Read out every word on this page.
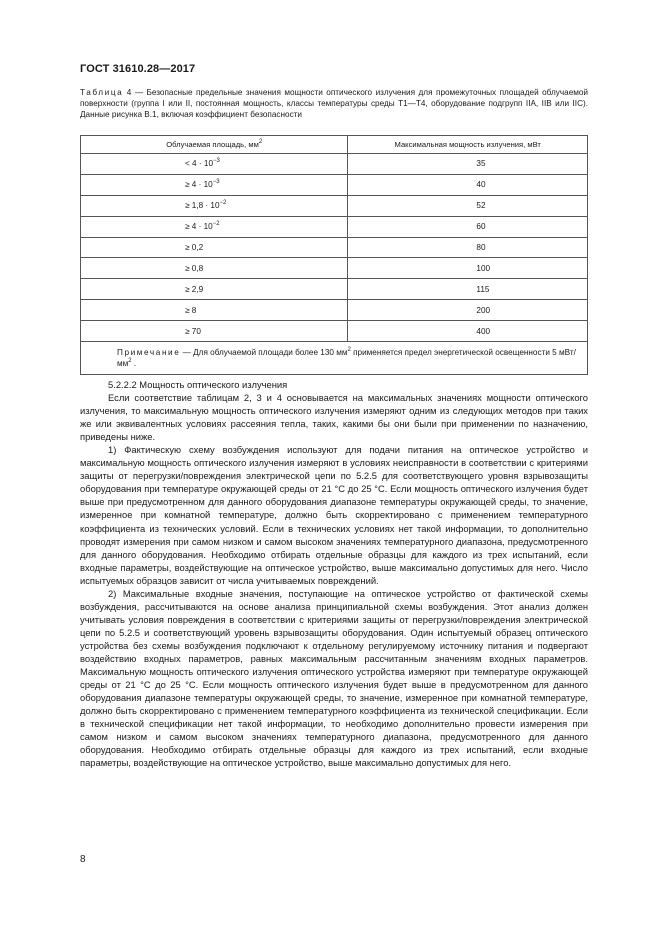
ГОСТ 31610.28—2017
Таблица 4 — Безопасные предельные значения мощности оптического излучения для промежуточных площадей облучаемой поверхности (группа I или II, постоянная мощность, классы температуры среды T1—T4, оборудование подгрупп IIA, IIB или IIC). Данные рисунка В.1, включая коэффициент безопасности
Облучаемая площадь, $мм^2$	Максимальная мощность излучения, мВт
< $4 \cdot 10^{-3}$	35
≥ $4 \cdot 10^{-3}$	40
≥ $1,8 \cdot 10^{-2}$	52
≥ $4 \cdot 10^{-2}$	60
≥ 0,2	80
≥ 0,8	100
≥ 2,9	115
≥ 8	200
≥ 70	400
Примечание — Для облучаемой площади более 130 $мм^2$ применяется предел энергетической освещенности 5 мВт/$мм^2$ .	

5.2.2.2 Мощность оптического излучения

Если соответствие таблицам 2, 3 и 4 основывается на максимальных значениях мощности оптического излучения, то максимальную мощность оптического излучения измеряют одним из следующих методов при таких же или эквивалентных условиях рассеяния тепла, таких, какими бы они были при применении по назначению, приведены ниже.

1) Фактическую схему возбуждения используют для подачи питания на оптическое устройство и максимальную мощность оптического излучения измеряют в условиях неисправности в соответствии с критериями защиты от перегрузки/повреждения электрической цепи по 5.2.5 для соответствующего уровня взрывозащиты оборудования при температуре окружающей среды от 21 °C до 25 °C. Если мощность оптического излучения будет выше при предусмотренном для данного оборудования диапазоне температуры окружающей среды, то значение, измеренное при комнатной температуре, должно быть скорректировано с применением температурного коэффициента из технических условий. Если в технических условиях нет такой информации, то дополнительно проводят измерения при самом низком и самом высоком значениях температурного диапазона, предусмотренного для данного оборудования. Необходимо отбирать отдельные образцы для каждого из трех испытаний, если входные параметры, воздействующие на оптическое устройство, выше максимально допустимых для него. Число испытуемых образцов зависит от числа учитываемых повреждений.

2) Максимальные входные значения, поступающие на оптическое устройство от фактической схемы возбуждения, рассчитываются на основе анализа принципиальной схемы возбуждения. Этот анализ должен учитывать условия повреждения в соответствии с критериями защиты от перегрузки/повреждения электрической цепи по 5.2.5 и соответствующий уровень взрывозащиты оборудования. Один испытуемый образец оптического устройства без схемы возбуждения подключают к отдельному регулируемому источнику питания и подвергают воздействию входных параметров, равных максимальным рассчитанным значениям входных параметров. Максимальную мощность оптического излучения оптического устройства измеряют при температуре окружающей среды от 21 °C до 25 °C. Если мощность оптического излучения будет выше в предусмотренном для данного оборудования диапазоне температуры окружающей среды, то значение, измеренное при комнатной температуре, должно быть скорректировано с применением температурного коэффициента из технической спецификации. Если в технической спецификации нет такой информации, то необходимо дополнительно провести измерения при самом низком и самом высоком значениях температурного диапазона, предусмотренного для данного оборудования. Необходимо отбирать отдельные образцы для каждого из трех испытаний, если входные параметры, воздействующие на оптическое устройство, выше максимально допустимых для него.

8
